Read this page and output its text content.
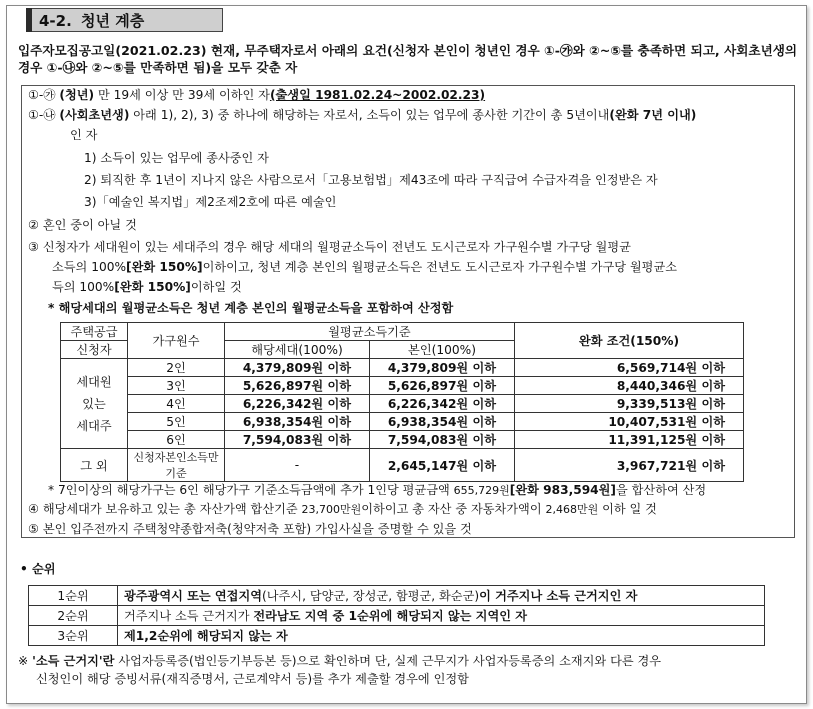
4-2. 청년 계층
입주자모집공고일(2021.02.23) 현재, 무주택자로서 아래의 요건(신청자 본인이 청년인 경우 ①-㉮와 ②~⑤를 충족하면 되고, 사회초년생의 경우 ①-㉯와 ②~⑤를 만족하면 됨)을 모두 갖춘 자
①-㉮ (청년) 만 19세 이상 만 39세 이하인 자(출생일 1981.02.24~2002.02.23)
①-㉯ (사회초년생) 아래 1), 2), 3) 중 하나에 해당하는 자로서, 소득이 있는 업무에 종사한 기간이 총 5년이내(완화 7년 이내)
인 자
1) 소득이 있는 업무에 종사중인 자
2) 퇴직한 후 1년이 지나지 않은 사람으로서「고용보험법」제43조에 따라 구직급여 수급자격을 인정받은 자
3)「예술인 복지법」제2조제2호에 따른 예술인
② 혼인 중이 아닐 것
③ 신청자가 세대원이 있는 세대주의 경우 해당 세대의 월평균소득이 전년도 도시근로자 가구원수별 가구당 월평균
소득의 100%[완화 150%]이하이고, 청년 계층 본인의 월평균소득은 전년도 도시근로자 가구원수별 가구당 월평균소
득의 100%[완화 150%]이하일 것
* 해당세대의 월평균소득은 청년 계층 본인의 월평균소득을 포함하여 산정함
주택공급	가구원수	월평균소득기준		완화 조건(150%)
신청자		해당세대(100%)	본인(100%)	
세대원
있는
세대주	2인	4,379,809원 이하	4,379,809원 이하	6,569,714원 이하
	3인	5,626,897원 이하	5,626,897원 이하	8,440,346원 이하
	4인	6,226,342원 이하	6,226,342원 이하	9,339,513원 이하
	5인	6,938,354원 이하	6,938,354원 이하	10,407,531원 이하
	6인	7,594,083원 이하	7,594,083원 이하	11,391,125원 이하
그 외	신청자본인소득만 기준	-	2,645,147원 이하	3,967,721원 이하
* 7인이상의 해당가구는 6인 해당가구 기준소득금액에 추가 1인당 평균금액 655,729원[완화 983,594원]을 합산하여 산정
④ 해당세대가 보유하고 있는 총 자산가액 합산기준 23,700만원이하이고 총 자산 중 자동차가액이 2,468만원 이하 일 것
⑤ 본인 입주전까지 주택청약종합저축(청약저축 포함) 가입사실을 증명할 수 있을 것
• 순위
1순위	광주광역시 또는 연접지역(나주시, 담양군, 장성군, 함평군, 화순군)이 거주지나 소득 근거지인 자
2순위	거주지나 소득 근거지가 전라남도 지역 중 1순위에 해당되지 않는 지역인 자
3순위	제1,2순위에 해당되지 않는 자
※ '소득 근거지'란 사업자등록증(법인등기부등본 등)으로 확인하며 단, 실제 근무지가 사업자등록증의 소재지와 다른 경우
신청인이 해당 증빙서류(재직증명서, 근로계약서 등)를 추가 제출할 경우에 인정함
